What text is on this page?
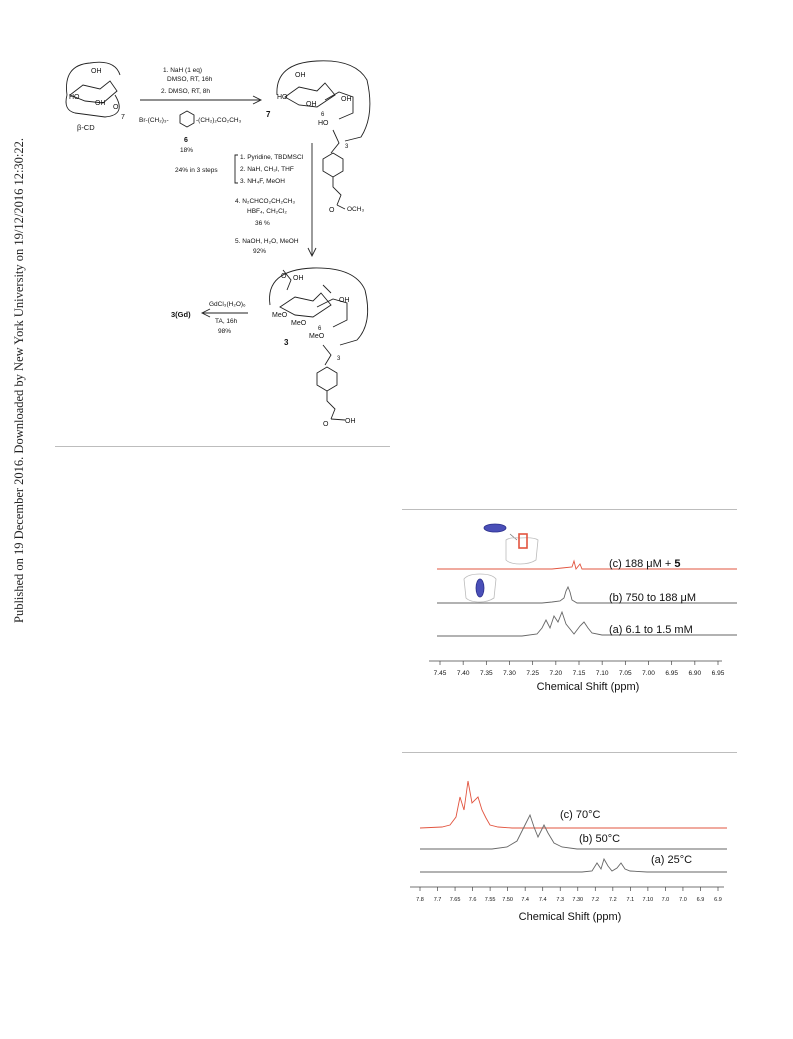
Published on 19 December 2016. Downloaded by New York University on 19/12/2016 12:30:22.
OH
HO
OH
O
7
β-CD
1. NaH (1 eq)
DMSO, RT, 16h
2. DMSO, RT, 8h
Br-(CH₂)₃-	-(CH₂)₂CO₂CH₃
6
18%
OH
HO
OH
OH
6
HO
7
3
O OCH₃
24% in 3 steps
1. Pyridine, TBDMSCl
2. NaH, CH₃I, THF
3. NH₄F, MeOH
4. N₂CHCO₂CH₂CH₃
HBF₄, CH₂Cl₂
36 %
5. NaOH, H₂O, MeOH
92%
O OH
OH
MeO
MeO
6
MeO
3
3
O OH
3(Gd)
GdCl₃(H₂O)₆
TA, 16h
98%
(c) 188 μM + 5
(b) 750 to 188 μM
(a) 6.1 to 1.5 mM
7.45 7.40 7.35 7.30 7.25 7.20 7.15 7.10 7.05 7.00 6.95 6.90 6.95
Chemical Shift (ppm)
(c) 70°C
(b) 50°C
(a) 25°C
7.8 7.7 7.65 7.6 7.55 7.50 7.4 7.4 7.3 7.30 7.2 7.2 7.1 7.10 7.0 7.0 6.9 6.9
Chemical Shift (ppm)
